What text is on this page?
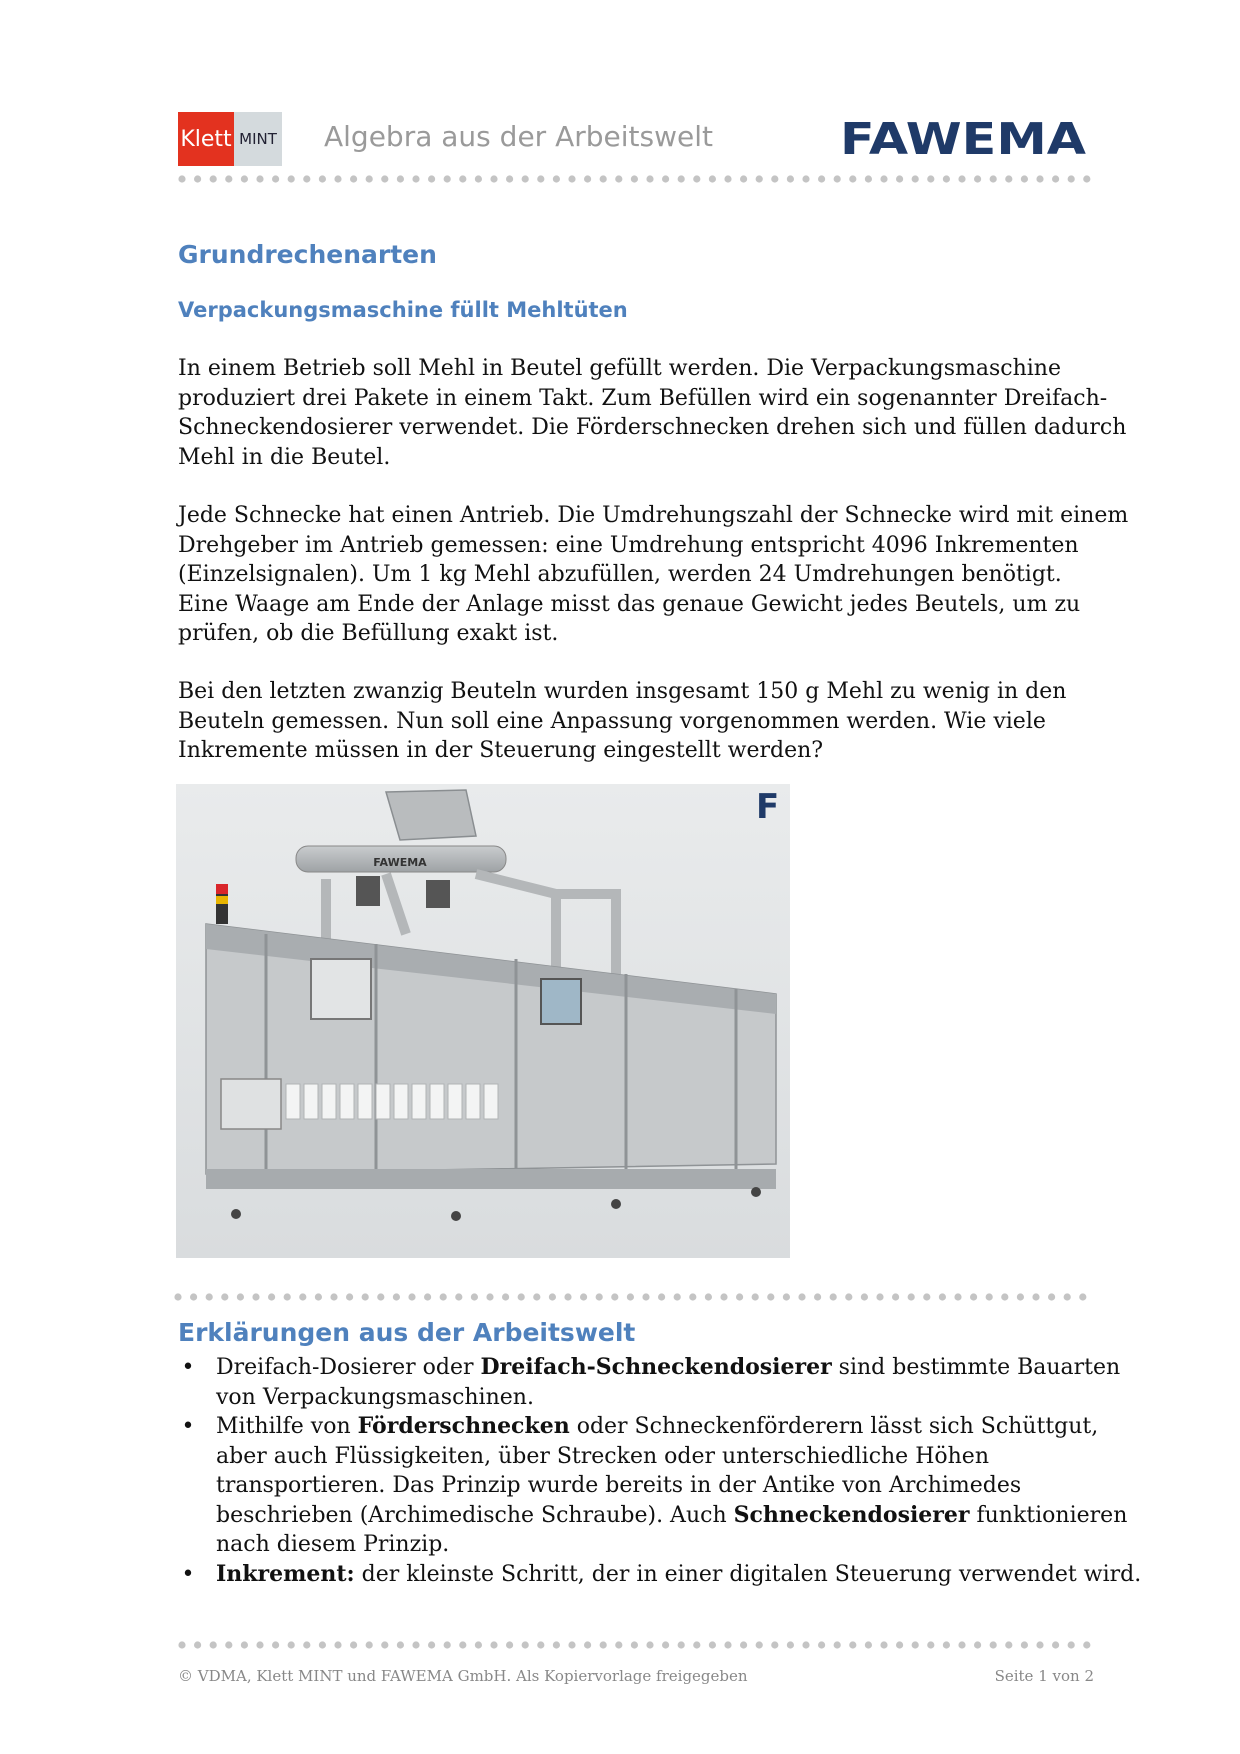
Klett MINT Algebra aus der Arbeitswelt	FAWEMA
Grundrechenarten
Verpackungsmaschine füllt Mehltüten
In einem Betrieb soll Mehl in Beutel gefüllt werden. Die Verpackungsmaschine
produziert drei Pakete in einem Takt. Zum Befüllen wird ein sogenannter Dreifach-
Schneckendosierer verwendet. Die Förderschnecken drehen sich und füllen dadurch
Mehl in die Beutel.
Jede Schnecke hat einen Antrieb. Die Umdrehungszahl der Schnecke wird mit einem
Drehgeber im Antrieb gemessen: eine Umdrehung entspricht 4096 Inkrementen
(Einzelsignalen). Um 1 kg Mehl abzufüllen, werden 24 Umdrehungen benötigt.
Eine Waage am Ende der Anlage misst das genaue Gewicht jedes Beutels, um zu
prüfen, ob die Befüllung exakt ist.
Bei den letzten zwanzig Beuteln wurden insgesamt 150 g Mehl zu wenig in den
Beuteln gemessen. Nun soll eine Anpassung vorgenommen werden. Wie viele
Inkremente müssen in der Steuerung eingestellt werden?
F
FAWEMA
Erklärungen aus der Arbeitswelt
• Dreifach-Dosierer oder Dreifach-Schneckendosierer sind bestimmte Bauarten
von Verpackungsmaschinen.
• Mithilfe von Förderschnecken oder Schneckenförderern lässt sich Schüttgut,
aber auch Flüssigkeiten, über Strecken oder unterschiedliche Höhen
transportieren. Das Prinzip wurde bereits in der Antike von Archimedes
beschrieben (Archimedische Schraube). Auch Schneckendosierer funktionieren
nach diesem Prinzip.
• Inkrement: der kleinste Schritt, der in einer digitalen Steuerung verwendet wird.
© VDMA, Klett MINT und FAWEMA GmbH. Als Kopiervorlage freigegeben	Seite 1 von 2
